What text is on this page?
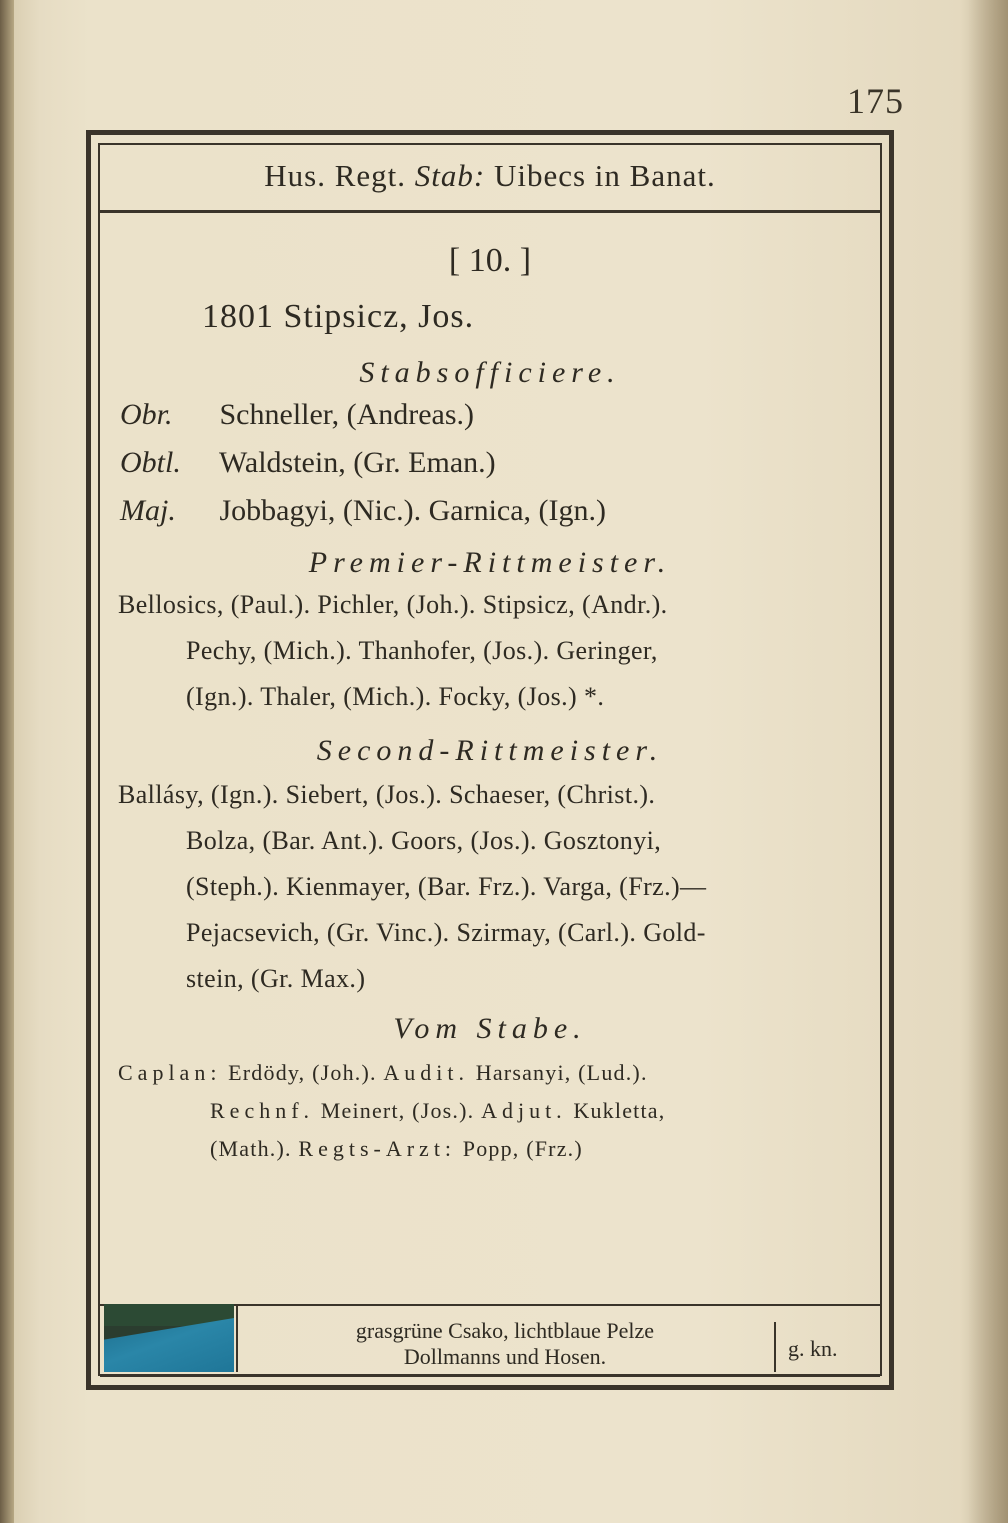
175
Hus. Regt. Stab: Uibecs in Banat.
[ 10. ]
1801 Stipsicz, Jos.
Stabsofficiere.
Obr. Schneller, (Andreas.)
Obtl. Waldstein, (Gr. Eman.)
Maj. Jobbagyi, (Nic.). Garnica, (Ign.)
Premier-Rittmeister.
Bellosics, (Paul.). Pichler, (Joh.). Stipsicz, (Andr.).
Pechy, (Mich.). Thanhofer, (Jos.). Geringer,
(Ign.). Thaler, (Mich.). Focky, (Jos.) *.
Second-Rittmeister.
Ballásy, (Ign.). Siebert, (Jos.). Schaeser, (Christ.).
Bolza, (Bar. Ant.). Goors, (Jos.). Gosztonyi,
(Steph.). Kienmayer, (Bar. Frz.). Varga, (Frz.)—
Pejacsevich, (Gr. Vinc.). Szirmay, (Carl.). Gold-
stein, (Gr. Max.)
Vom Stabe.
Caplan: Erdödy, (Joh.). Audit. Harsanyi, (Lud.).
Rechnf. Meinert, (Jos.). Adjut. Kukletta,
(Math.). Regts-Arzt: Popp, (Frz.)
grasgrüne Csako, lichtblaue Pelze
Dollmanns und Hosen.	g. kn.
